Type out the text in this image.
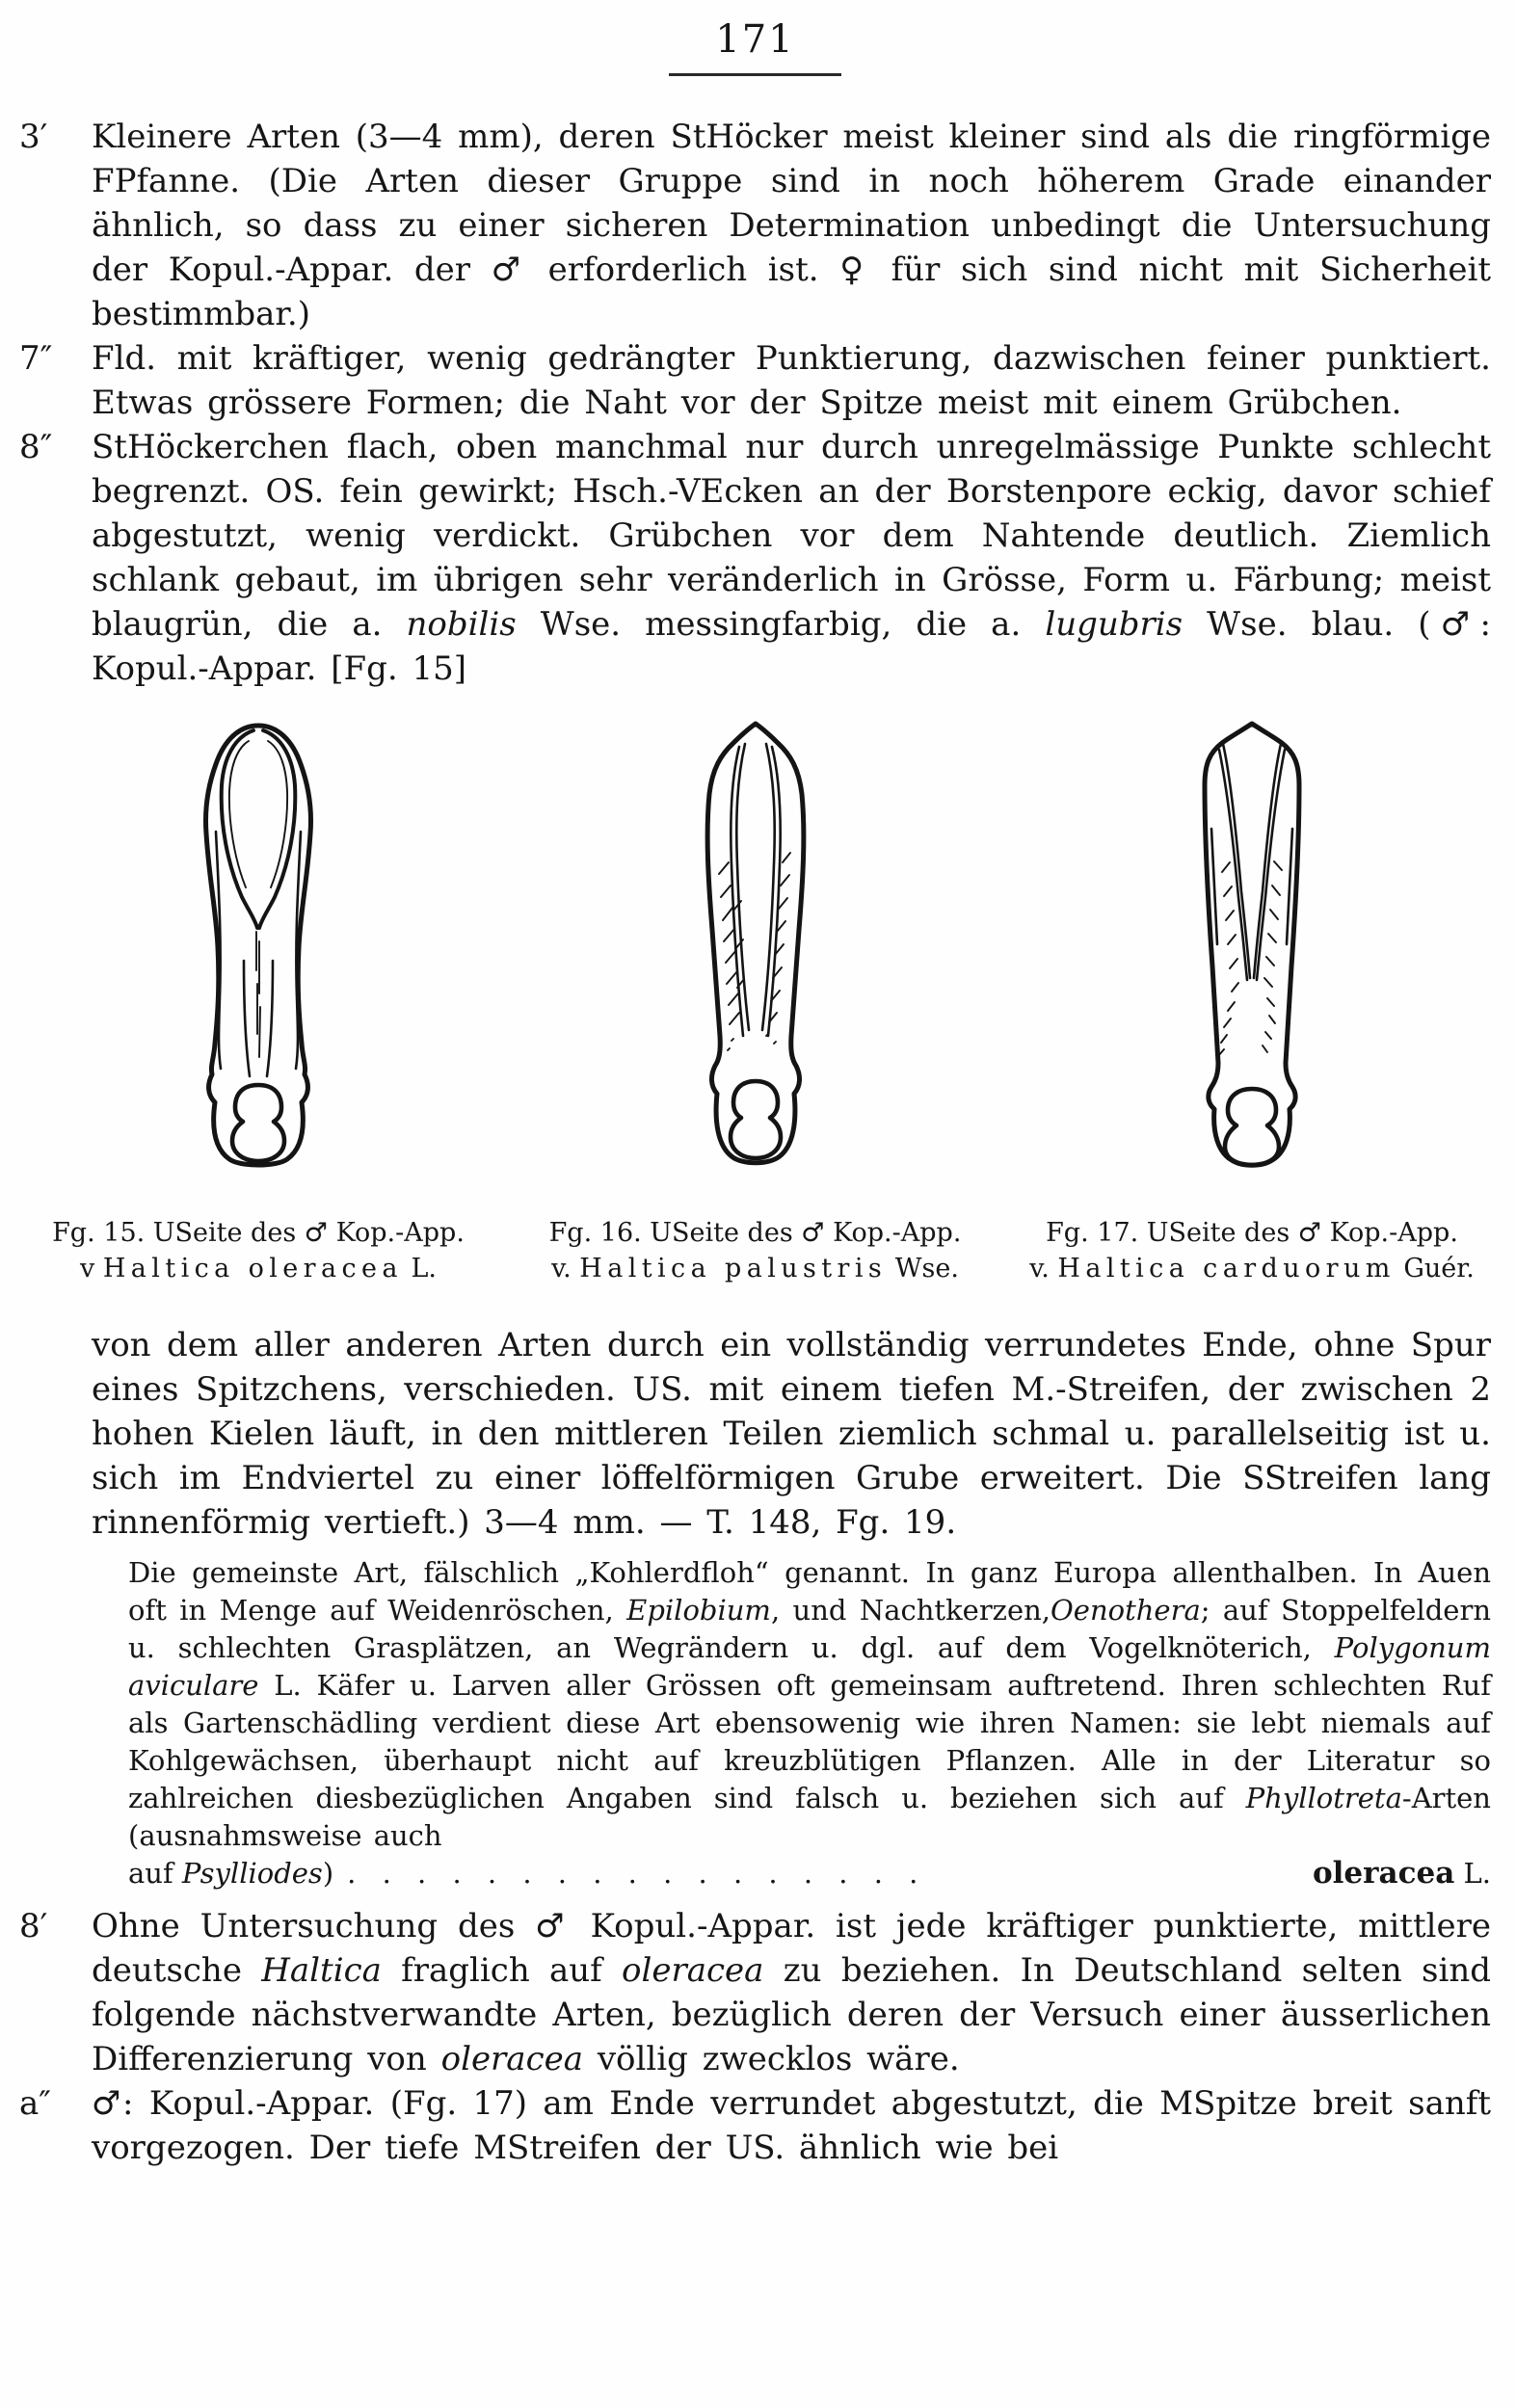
171
3′ Kleinere Arten (3—4 mm), deren StHöcker meist kleiner sind als die ringförmige FPfanne. (Die Arten dieser Gruppe sind in noch höherem Grade einander ähnlich, so dass zu einer sicheren Determination unbedingt die Untersuchung der Kopul.-Appar. der ♂ erforderlich ist. ♀ für sich sind nicht mit Sicherheit bestimmbar.)
7″ Fld. mit kräftiger, wenig gedrängter Punktierung, dazwischen feiner punktiert. Etwas grössere Formen; die Naht vor der Spitze meist mit einem Grübchen.
8″ StHöckerchen flach, oben manchmal nur durch unregelmässige Punkte schlecht begrenzt. OS. fein gewirkt; Hsch.-VEcken an der Borstenpore eckig, davor schief abgestutzt, wenig verdickt. Grübchen vor dem Nahtende deutlich. Ziemlich schlank gebaut, im übrigen sehr veränderlich in Grösse, Form u. Färbung; meist blaugrün, die a. nobilis Wse. messingfarbig, die a. lugubris Wse. blau. (♂: Kopul.-Appar. [Fg. 15]
Fg. 15. USeite des ♂ Kop.-App.
v Haltica oleracea L.
Fg. 16. USeite des ♂ Kop.-App.
v. Haltica palustris Wse.
Fg. 17. USeite des ♂ Kop.-App.
v. Haltica carduorum Guér.
von dem aller anderen Arten durch ein vollständig verrundetes Ende, ohne Spur eines Spitzchens, verschieden. US. mit einem tiefen M.-Streifen, der zwischen 2 hohen Kielen läuft, in den mittleren Teilen ziemlich schmal u. parallelseitig ist u. sich im Endviertel zu einer löffelförmigen Grube erweitert. Die SStreifen lang rinnenförmig vertieft.) 3—4 mm. — T. 148, Fg. 19.
Die gemeinste Art, fälschlich „Kohlerdfloh“ genannt. In ganz Europa allenthalben. In Auen oft in Menge auf Weidenröschen, Epilobium, und Nachtkerzen,Oenothera; auf Stoppelfeldern u. schlechten Grasplätzen, an Wegrändern u. dgl. auf dem Vogelknöterich, Polygonum aviculare L. Käfer u. Larven aller Grössen oft gemeinsam auftretend. Ihren schlechten Ruf als Gartenschädling verdient diese Art ebensowenig wie ihren Namen: sie lebt niemals auf Kohlgewächsen, überhaupt nicht auf kreuzblütigen Pflanzen. Alle in der Literatur so zahlreichen diesbezüglichen Angaben sind falsch u. beziehen sich auf Phyllotreta-Arten (ausnahmsweise auch
auf Psylliodes ) . . . . . . . . . . . . . . . . .	oleracea L.
8′ Ohne Untersuchung des ♂ Kopul.-Appar. ist jede kräftiger punktierte, mittlere deutsche Haltica fraglich auf oleracea zu beziehen. In Deutschland selten sind folgende nächstverwandte Arten, bezüglich deren der Versuch einer äusserlichen Differenzierung von oleracea völlig zwecklos wäre.
a″ ♂: Kopul.-Appar. (Fg. 17) am Ende verrundet abgestutzt, die MSpitze breit sanft vorgezogen. Der tiefe MStreifen der US. ähnlich wie bei
